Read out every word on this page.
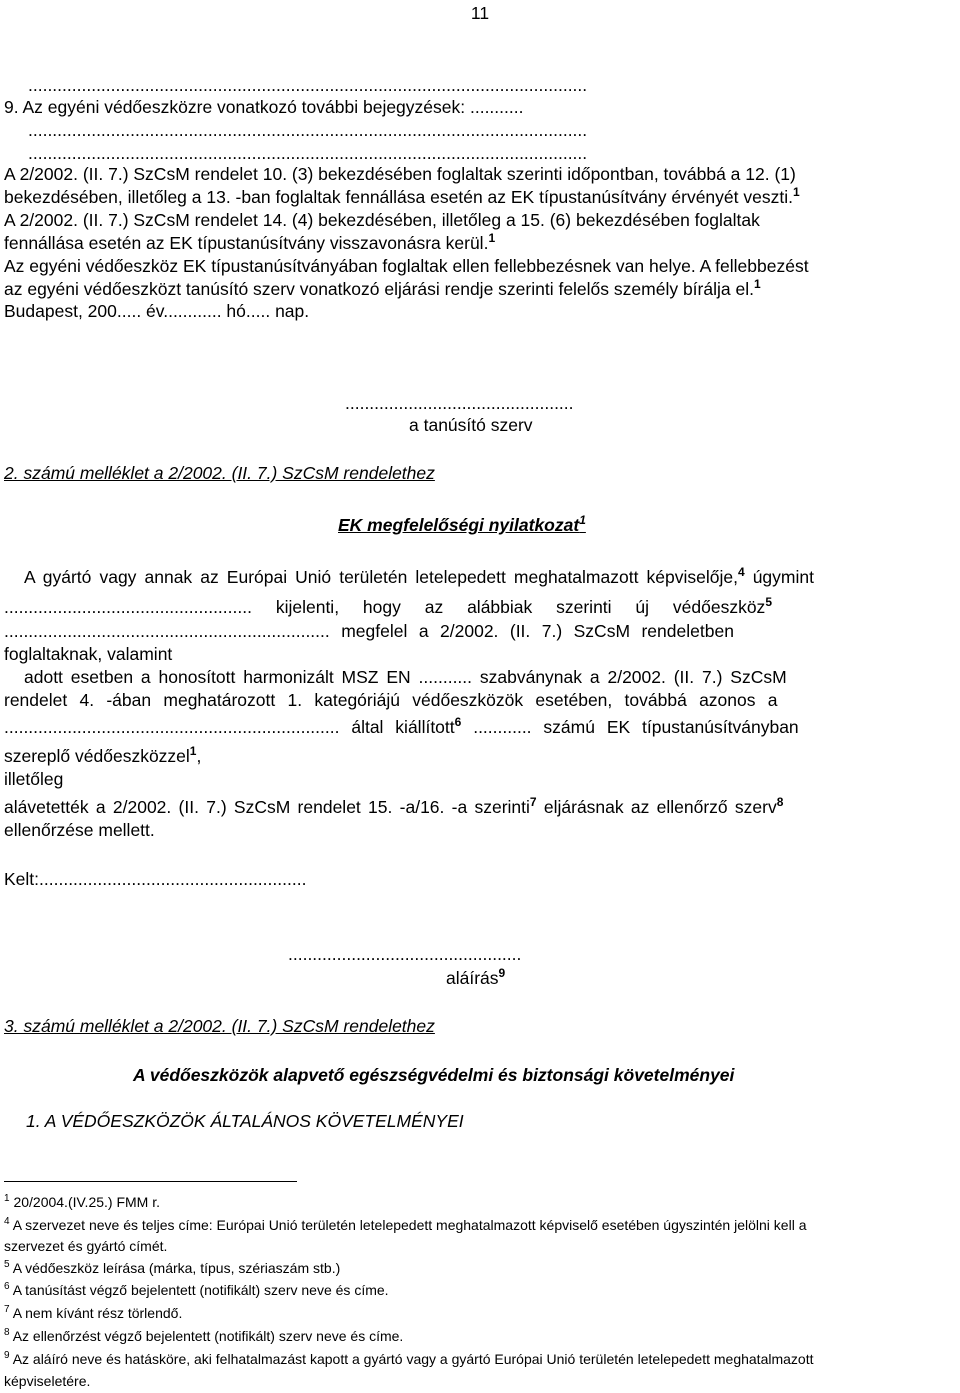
11
...................................................................................................................
9. Az egyéni védőeszközre vonatkozó további bejegyzések: ...........
...................................................................................................................
...................................................................................................................
A 2/2002. (II. 7.) SzCsM rendelet 10. (3) bekezdésében foglaltak szerinti időpontban, továbbá a 12. (1)
bekezdésében, illetőleg a 13. -ban foglaltak fennállása esetén az EK típustanúsítvány érvényét veszti.$^1$
A 2/2002. (II. 7.) SzCsM rendelet 14. (4) bekezdésében, illetőleg a 15. (6) bekezdésében foglaltak
fennállása esetén az EK típustanúsítvány visszavonásra kerül.$^1$
Az egyéni védőeszköz EK típustanúsítványában foglaltak ellen fellebbezésnek van helye. A fellebbezést
az egyéni védőeszközt tanúsító szerv vonatkozó eljárási rendje szerinti felelős személy bírálja el.$^1$
Budapest, 200..... év............ hó..... nap.
...............................................
a tanúsító szerv
2. számú melléklet a 2/2002. (II. 7.) SzCsM rendelethez
EK megfelelőségi nyilatkozat$^1$
A gyártó vagy annak az Európai Unió területén letelepedett meghatalmazott képviselője,$^4$ úgymint
................................................... kijelenti, hogy az alábbiak szerinti új védőeszköz$^5$
................................................................... megfelel a 2/2002. (II. 7.) SzCsM rendeletben
foglaltaknak, valamint
adott esetben a honosított harmonizált MSZ EN ........... szabványnak a 2/2002. (II. 7.) SzCsM
rendelet 4. -ában meghatározott 1. kategóriájú védőeszközök esetében, továbbá azonos a
..................................................................... által kiállított$^6$ ............ számú EK típustanúsítványban
szereplő védőeszközzel$^1$,
illetőleg
alávetették a 2/2002. (II. 7.) SzCsM rendelet 15. -a/16. -a szerinti$^7$ eljárásnak az ellenőrző szerv$^8$
ellenőrzése mellett.
Kelt:.......................................................
................................................
aláírás$^9$
3. számú melléklet a 2/2002. (II. 7.) SzCsM rendelethez
A védőeszközök alapvető egészségvédelmi és biztonsági követelményei
1. A VÉDŐESZKÖZÖK ÁLTALÁNOS KÖVETELMÉNYEI
$^1$ 20/2004.(IV.25.) FMM r.
$^4$ A szervezet neve és teljes címe: Európai Unió területén letelepedett meghatalmazott képviselő esetében úgyszintén jelölni kell a
szervezet és gyártó címét.
$^5$ A védőeszköz leírása (márka, típus, szériaszám stb.)
$^6$ A tanúsítást végző bejelentett (notifikált) szerv neve és címe.
$^7$ A nem kívánt rész törlendő.
$^8$ Az ellenőrzést végző bejelentett (notifikált) szerv neve és címe.
$^9$ Az aláíró neve és hatásköre, aki felhatalmazást kapott a gyártó vagy a gyártó Európai Unió területén letelepedett meghatalmazott
képviseletére.
